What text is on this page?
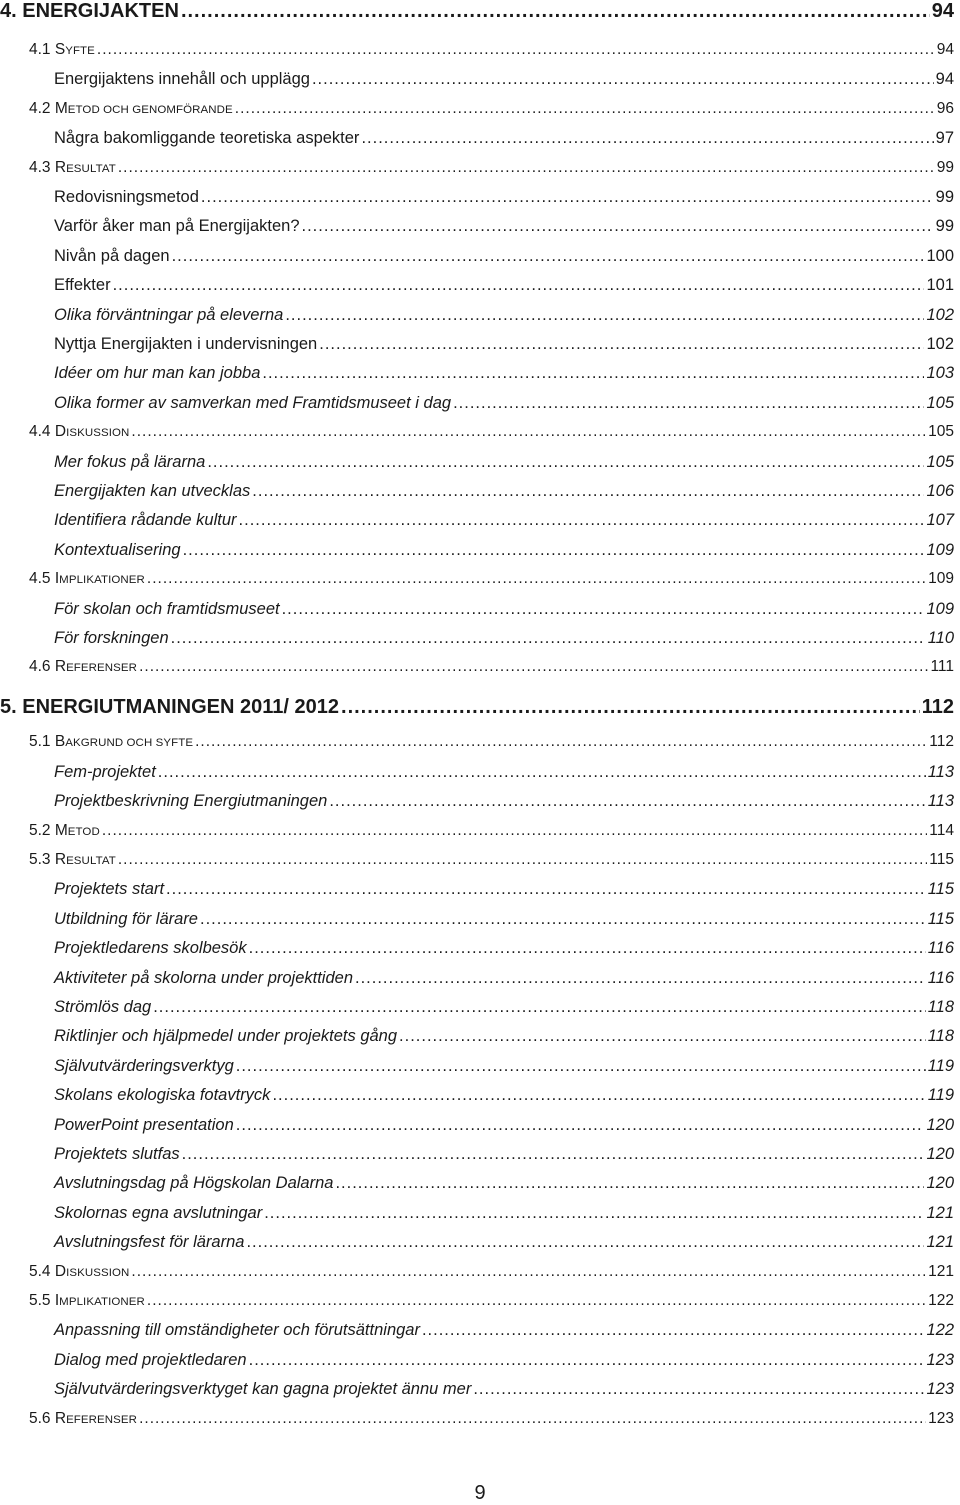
4. ENERGIJAKTEN .....	94
4.1 SYFTE .....	94
Energijaktens innehåll och upplägg .....	94
4.2 METOD OCH GENOMFÖRANDE .....	96
Några bakomliggande teoretiska aspekter .....	97
4.3 RESULTAT .....	99
Redovisningsmetod .....	99
Varför åker man på Energijakten? .....	99
Nivån på dagen .....	100
Effekter .....	101
Olika förväntningar på eleverna .....	102
Nyttja Energijakten i undervisningen .....	102
Idéer om hur man kan jobba .....	103
Olika former av samverkan med Framtidsmuseet i dag .....	105
4.4 DISKUSSION .....	105
Mer fokus på lärarna .....	105
Energijakten kan utvecklas .....	106
Identifiera rådande kultur .....	107
Kontextualisering .....	109
4.5 IMPLIKATIONER .....	109
För skolan och framtidsmuseet .....	109
För forskningen .....	110
4.6 REFERENSER .....	111
5. ENERGIUTMANINGEN 2011/ 2012 .....	112
5.1 BAKGRUND OCH SYFTE .....	112
Fem-projektet .....	113
Projektbeskrivning Energiutmaningen .....	113
5.2 METOD .....	114
5.3 RESULTAT .....	115
Projektets start .....	115
Utbildning för lärare .....	115
Projektledarens skolbesök .....	116
Aktiviteter på skolorna under projekttiden .....	116
Strömlös dag .....	118
Riktlinjer och hjälpmedel under projektets gång .....	118
Självutvärderingsverktyg .....	119
Skolans ekologiska fotavtryck .....	119
PowerPoint presentation .....	120
Projektets slutfas .....	120
Avslutningsdag på Högskolan Dalarna .....	120
Skolornas egna avslutningar .....	121
Avslutningsfest för lärarna .....	121
5.4 DISKUSSION .....	121
5.5 IMPLIKATIONER .....	122
Anpassning till omständigheter och förutsättningar .....	122
Dialog med projektledaren .....	123
Självutvärderingsverktyget kan gagna projektet ännu mer .....	123
5.6 REFERENSER .....	123
9
